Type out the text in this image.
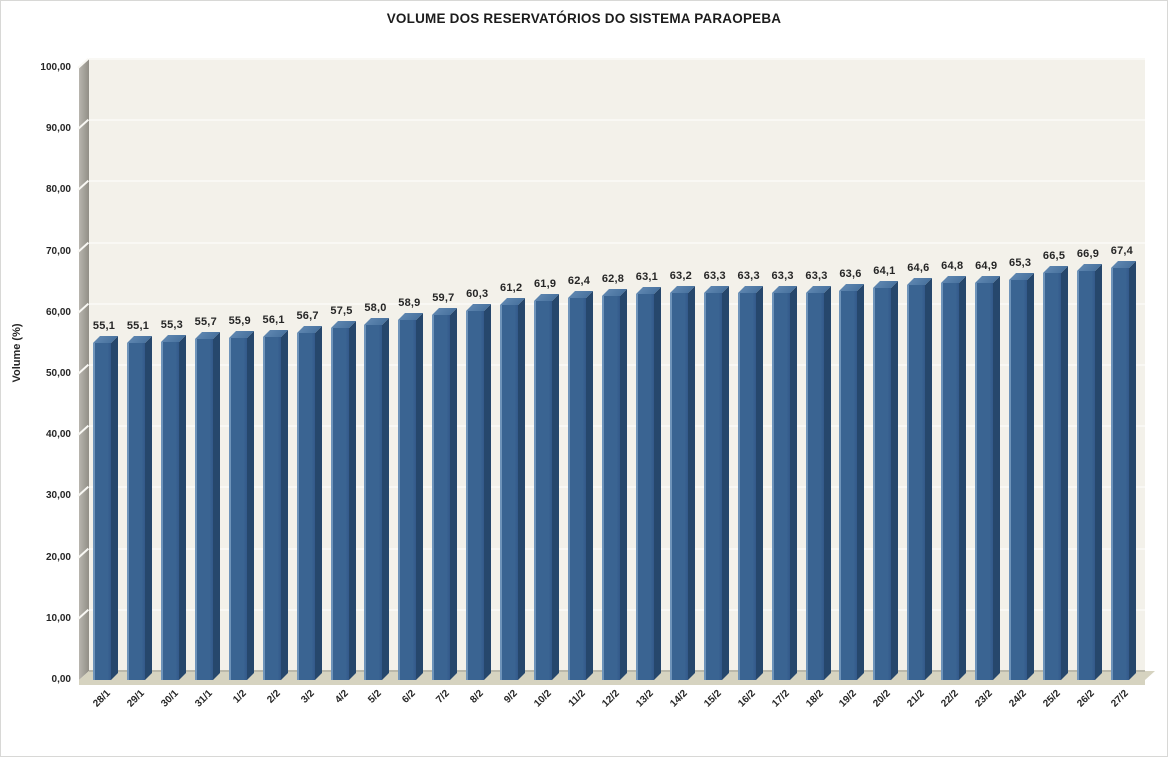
VOLUME DOS RESERVATÓRIOS DO SISTEMA PARAOPEBA
Volume (%)
0,00
10,00
20,00
30,00
40,00
50,00
60,00
70,00
80,00
90,00
100,00
55,1
28/1
55,1
29/1
55,3
30/1
55,7
31/1
55,9
1/2
56,1
2/2
56,7
3/2
57,5
4/2
58,0
5/2
58,9
6/2
59,7
7/2
60,3
8/2
61,2
9/2
61,9
10/2
62,4
11/2
62,8
12/2
63,1
13/2
63,2
14/2
63,3
15/2
63,3
16/2
63,3
17/2
63,3
18/2
63,6
19/2
64,1
20/2
64,6
21/2
64,8
22/2
64,9
23/2
65,3
24/2
66,5
25/2
66,9
26/2
67,4
27/2
